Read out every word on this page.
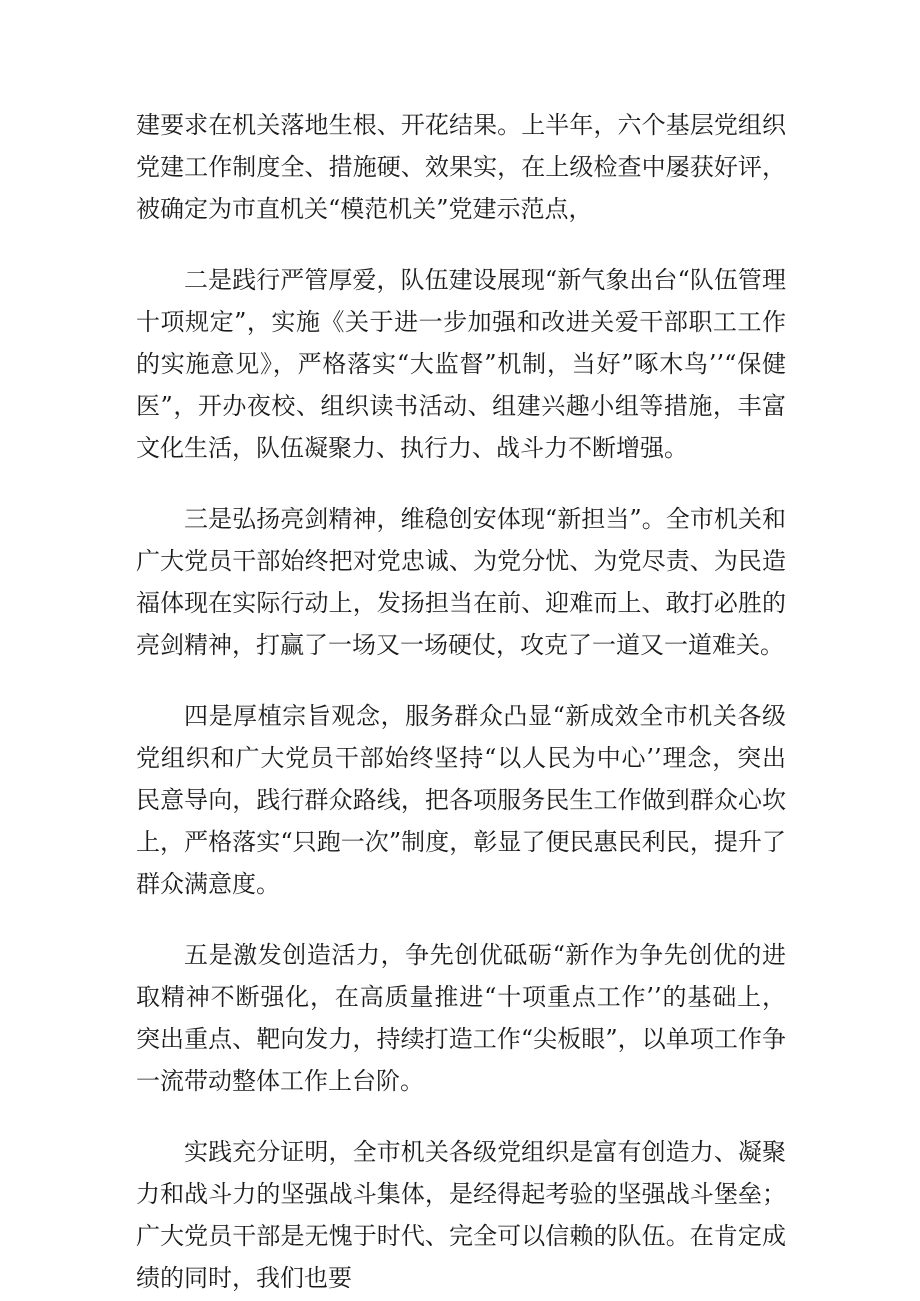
建要求在机关落地生根、开花结果。上半年，六个基层党组织党建工作制度全、措施硬、效果实，在上级检查中屡获好评，被确定为市直机关“模范机关”党建示范点，

二是践行严管厚爱，队伍建设展现“新气象出台“队伍管理十项规定”，实施《关于进一步加强和改进关爱干部职工工作的实施意见》，严格落实“大监督”机制，当好”啄木鸟’’“保健医”，开办夜校、组织读书活动、组建兴趣小组等措施，丰富文化生活，队伍凝聚力、执行力、战斗力不断增强。

三是弘扬亮剑精神，维稳创安体现“新担当”。全市机关和广大党员干部始终把对党忠诚、为党分忧、为党尽责、为民造福体现在实际行动上，发扬担当在前、迎难而上、敢打必胜的亮剑精神，打赢了一场又一场硬仗，攻克了一道又一道难关。

四是厚植宗旨观念，服务群众凸显“新成效全市机关各级党组织和广大党员干部始终坚持“以人民为中心’’理念，突出民意导向，践行群众路线，把各项服务民生工作做到群众心坎上，严格落实“只跑一次”制度，彰显了便民惠民利民，提升了群众满意度。

五是激发创造活力，争先创优砥砺“新作为争先创优的进取精神不断强化，在高质量推进“十项重点工作’’的基础上，突出重点、靶向发力，持续打造工作“尖板眼”，以单项工作争一流带动整体工作上台阶。

实践充分证明，全市机关各级党组织是富有创造力、凝聚力和战斗力的坚强战斗集体，是经得起考验的坚强战斗堡垒；广大党员干部是无愧于时代、完全可以信赖的队伍。在肯定成绩的同时，我们也要
